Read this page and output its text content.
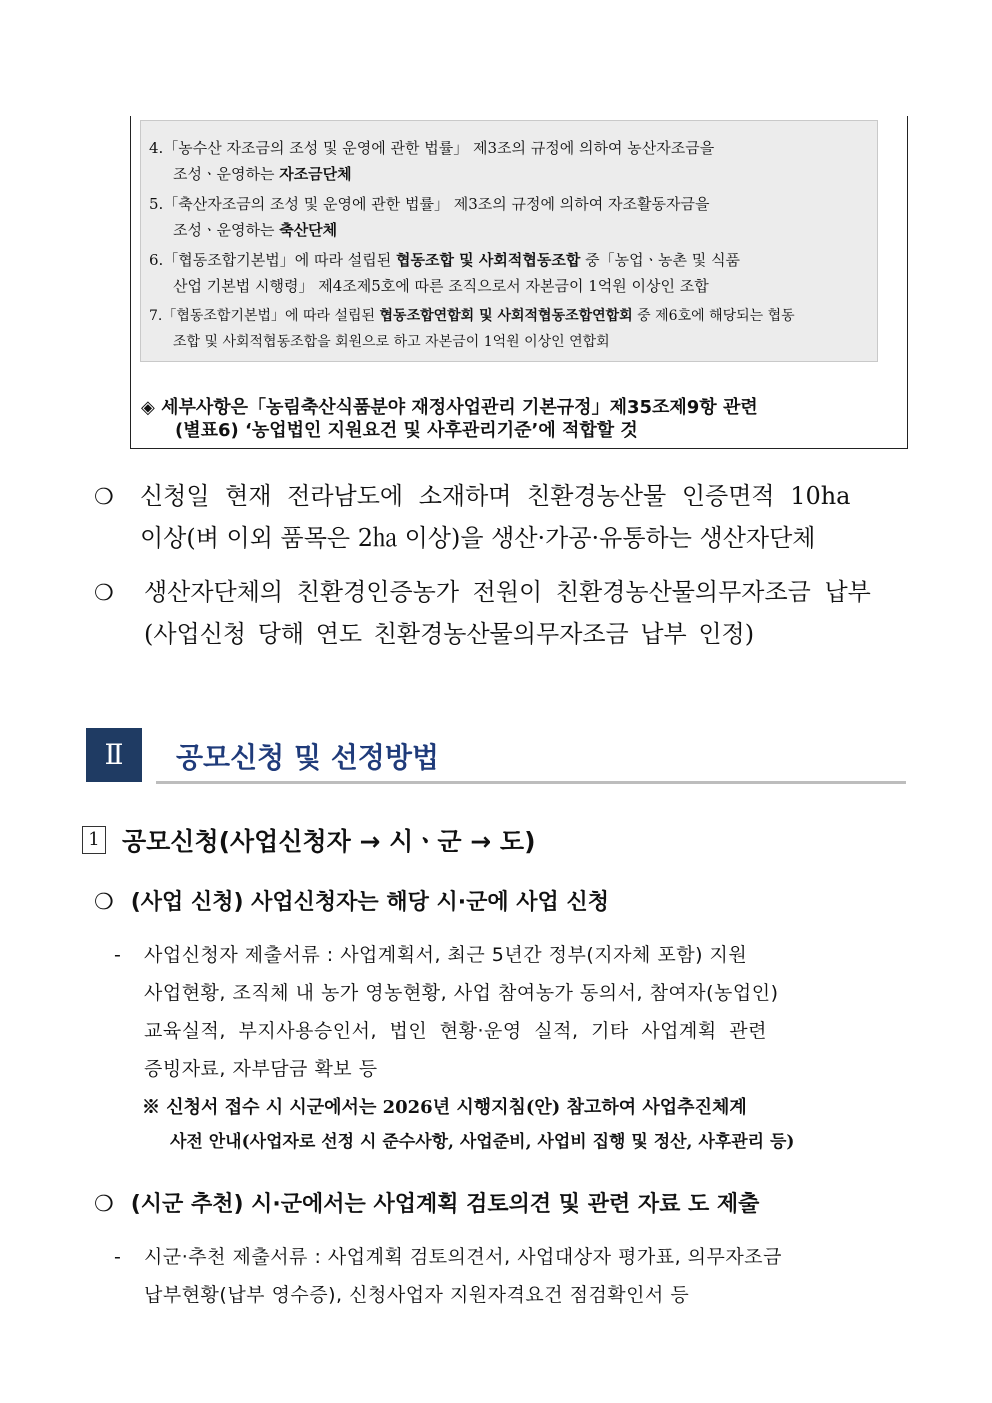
◈ 세부사항은「농림축산식품분야 재정사업관리 기본규정」제35조제9항 관련
(별표6) ‘농업법인 지원요건 및 사후관리기준’에 적합할 것
4.「농수산 자조금의 조성 및 운영에 관한 법률」 제3조의 규정에 의하여 농산자조금을
조성ㆍ운영하는 자조금단체
5.「축산자조금의 조성 및 운영에 관한 법률」 제3조의 규정에 의하여 자조활동자금을
조성ㆍ운영하는 축산단체
6.「협동조합기본법」에 따라 설립된 협동조합 및 사회적협동조합 중「농업ㆍ농촌 및 식품
산업 기본법 시행령」 제4조제5호에 따른 조직으로서 자본금이 1억원 이상인 조합
7.「협동조합기본법」에 따라 설립된 협동조합연합회 및 사회적협동조합연합회 중 제6호에 해당되는 협동
조합 및 사회적협동조합을 회원으로 하고 자본금이 1억원 이상인 연합회
❍ 신청일 현재 전라남도에 소재하며 친환경농산물 인증면적 10ha
이상(벼 이외 품목은 2㏊ 이상)을 생산·가공·유통하는 생산자단체
❍ 생산자단체의 친환경인증농가 전원이 친환경농산물의무자조금 납부
(사업신청 당해 연도 친환경농산물의무자조금 납부 인정)
Ⅱ	공모신청 및 선정방법
1 공모신청(사업신청자 → 시ㆍ군 → 도)
❍ (사업 신청) 사업신청자는 해당 시·군에 사업 신청
- 사업신청자 제출서류 : 사업계획서, 최근 5년간 정부(지자체 포함) 지원
사업현황, 조직체 내 농가 영농현황, 사업 참여농가 동의서, 참여자(농업인)
교육실적, 부지사용승인서, 법인 현황·운영 실적, 기타 사업계획 관련
증빙자료, 자부담금 확보 등
※ 신청서 접수 시 시군에서는 2026년 시행지침(안) 참고하여 사업추진체계
사전 안내(사업자로 선정 시 준수사항, 사업준비, 사업비 집행 및 정산, 사후관리 등)
❍ (시군 추천) 시·군에서는 사업계획 검토의견 및 관련 자료 도 제출
- 시군·추천 제출서류 : 사업계획 검토의견서, 사업대상자 평가표, 의무자조금
납부현황(납부 영수증), 신청사업자 지원자격요건 점검확인서 등
